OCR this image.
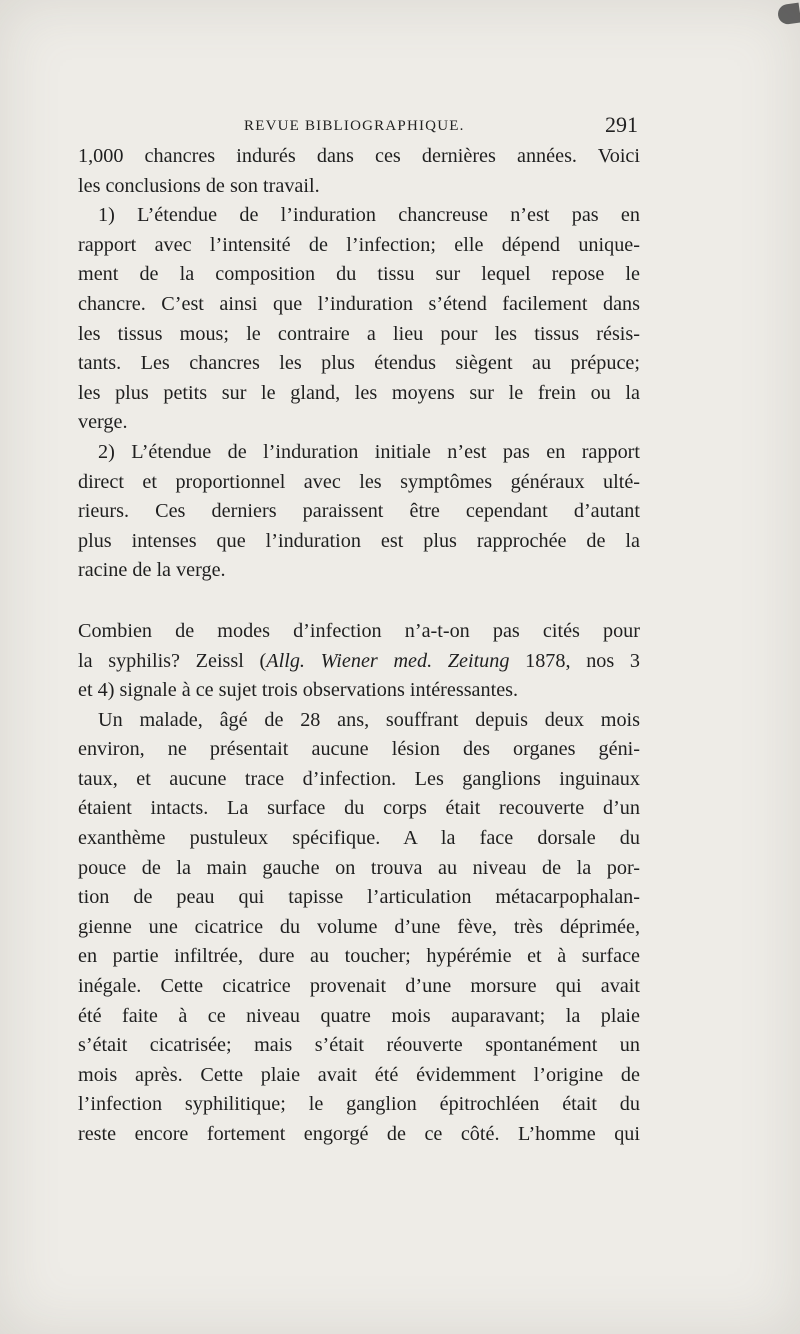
REVUE BIBLIOGRAPHIQUE.	291
1,000 chancres indurés dans ces dernières années. Voici
les conclusions de son travail.
1) L’étendue de l’induration chancreuse n’est pas en
rapport avec l’intensité de l’infection; elle dépend unique-
ment de la composition du tissu sur lequel repose le
chancre. C’est ainsi que l’induration s’étend facilement dans
les tissus mous; le contraire a lieu pour les tissus résis-
tants. Les chancres les plus étendus siègent au prépuce;
les plus petits sur le gland, les moyens sur le frein ou la
verge.
2) L’étendue de l’induration initiale n’est pas en rapport
direct et proportionnel avec les symptômes généraux ulté-
rieurs. Ces derniers paraissent être cependant d’autant
plus intenses que l’induration est plus rapprochée de la
racine de la verge.
Combien de modes d’infection n’a-t-on pas cités pour
la syphilis? Zeissl (Allg. Wiener med. Zeitung 1878, nos 3
et 4) signale à ce sujet trois observations intéressantes.
Un malade, âgé de 28 ans, souffrant depuis deux mois
environ, ne présentait aucune lésion des organes géni-
taux, et aucune trace d’infection. Les ganglions inguinaux
étaient intacts. La surface du corps était recouverte d’un
exanthème pustuleux spécifique. A la face dorsale du
pouce de la main gauche on trouva au niveau de la por-
tion de peau qui tapisse l’articulation métacarpophalan-
gienne une cicatrice du volume d’une fève, très déprimée,
en partie infiltrée, dure au toucher; hypérémie et à surface
inégale. Cette cicatrice provenait d’une morsure qui avait
été faite à ce niveau quatre mois auparavant; la plaie
s’était cicatrisée; mais s’était réouverte spontanément un
mois après. Cette plaie avait été évidemment l’origine de
l’infection syphilitique; le ganglion épitrochléen était du
reste encore fortement engorgé de ce côté. L’homme qui
